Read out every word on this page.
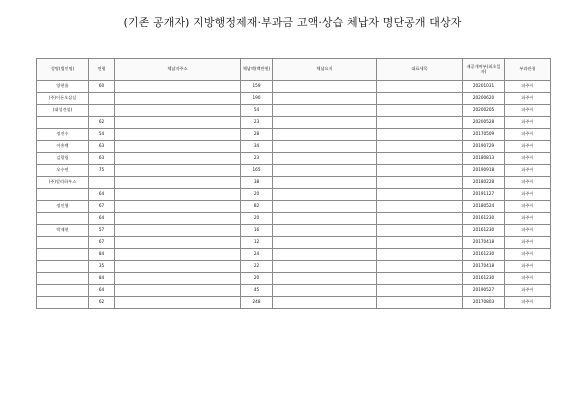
(기존 공개자) 지방행정제재·부과금 고액·상습 체납자 명단공개 대상자
성명(법인명)	연령	체납자주소	체납액(백만원)	체납요지	대표세목	재공개여부(최초일자)	부과관청
양현율	60		159			20201031	파주시
(주)이든오삼실			190			20200620	파주시
(대성건설)			54			20200205	파주시
	62		23			20200528	파주시
정진수	54		28			20170509	파주시
이홍백	63		34			20190729	파주시
김광림	63		23			20180813	파주시
오수연	75		165			20190918	파주시
(주)알라하우스			38			20180228	파주시
	64		20			20191127	파주시
정인영	67		82			20180524	파주시
	64		20			20161230	파주시
박재현	57		16			20161230	파주시
	67		12			20170418	파주시
	84		24			20161230	파주시
	35		22			20170418	파주시
	84		20			20161230	파주시
	64		45			20190527	파주시
	62		248			20170803	파주시
